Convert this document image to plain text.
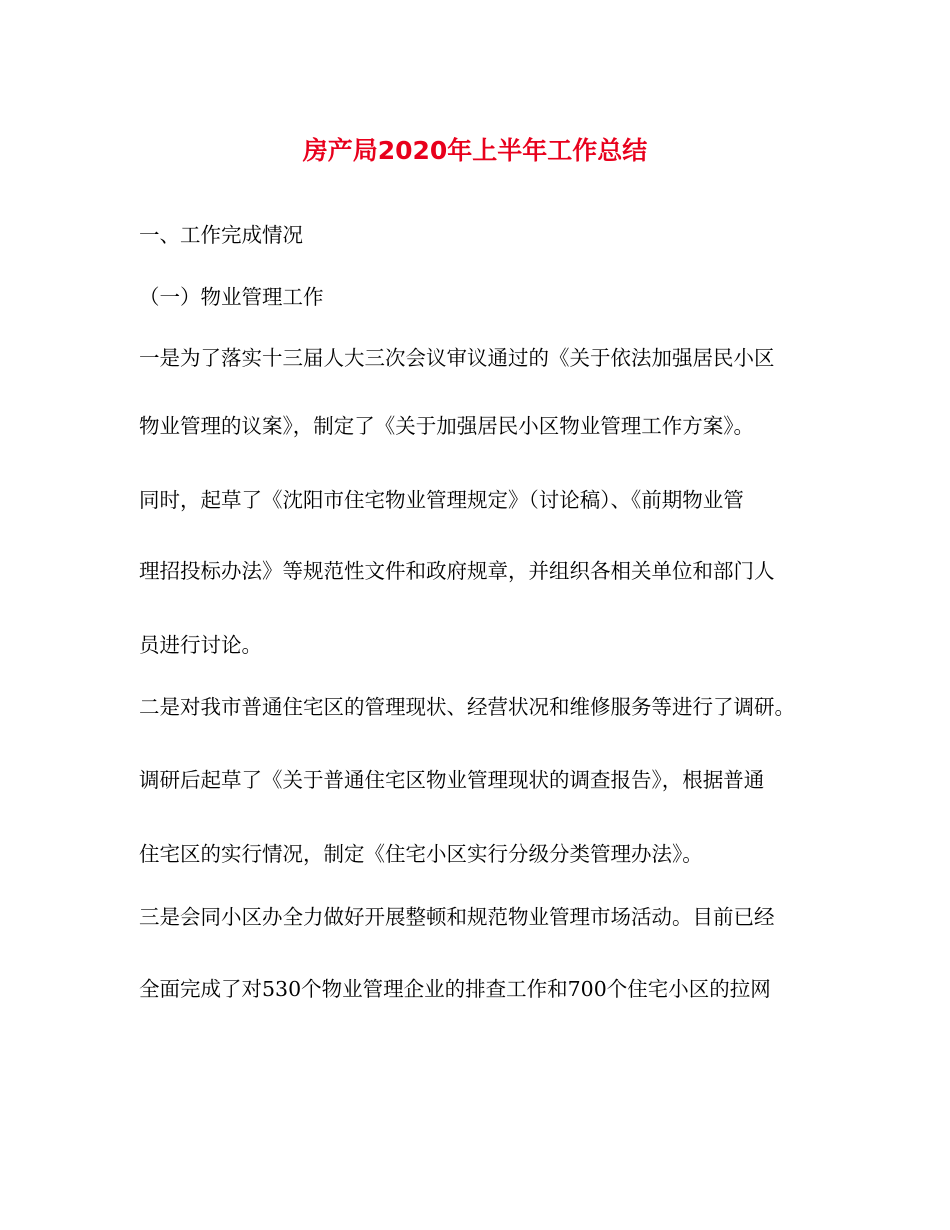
房产局2020年上半年工作总结
一、工作完成情况
（一）物业管理工作
一是为了落实十三届人大三次会议审议通过的《关于依法加强居民小区
物业管理的议案》，制定了《关于加强居民小区物业管理工作方案》。
同时，起草了《沈阳市住宅物业管理规定》（讨论稿）、《前期物业管
理招投标办法》等规范性文件和政府规章，并组织各相关单位和部门人
员进行讨论。
二是对我市普通住宅区的管理现状、经营状况和维修服务等进行了调研。
调研后起草了《关于普通住宅区物业管理现状的调查报告》，根据普通
住宅区的实行情况，制定《住宅小区实行分级分类管理办法》。
三是会同小区办全力做好开展整顿和规范物业管理市场活动。目前已经
全面完成了对530个物业管理企业的排查工作和700个住宅小区的拉网
